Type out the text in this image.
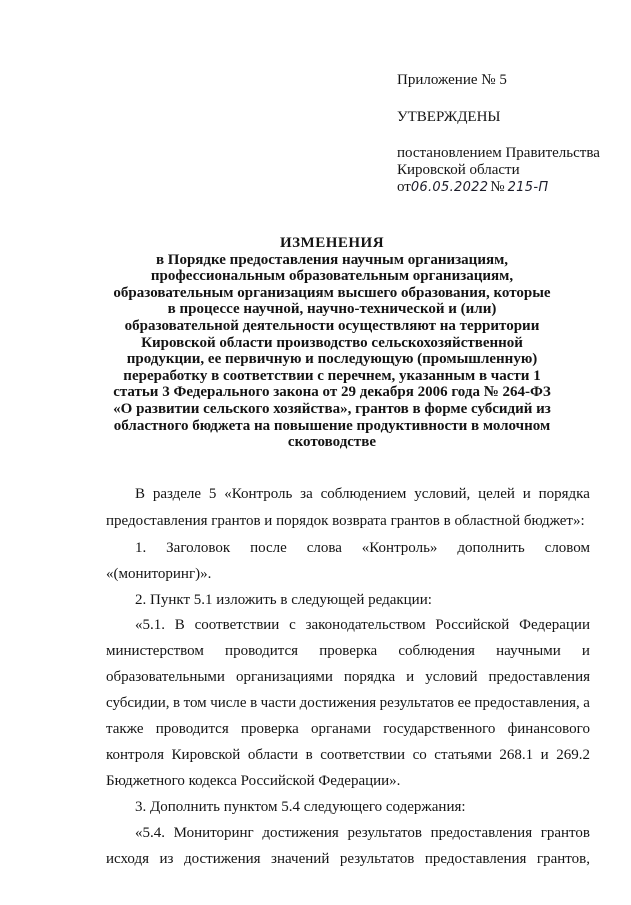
Приложение № 5
УТВЕРЖДЕНЫ
постановлением Правительства
Кировской области
от06.05.2022 № 215-П
ИЗМЕНЕНИЯ
в Порядке предоставления научным организациям,
профессиональным образовательным организациям,
образовательным организациям высшего образования, которые
в процессе научной, научно-технической и (или)
образовательной деятельности осуществляют на территории
Кировской области производство сельскохозяйственной
продукции, ее первичную и последующую (промышленную)
переработку в соответствии с перечнем, указанным в части 1
статьи 3 Федерального закона от 29 декабря 2006 года № 264-ФЗ
«О развитии сельского хозяйства», грантов в форме субсидий из
областного бюджета на повышение продуктивности в молочном
скотоводстве
В разделе 5 «Контроль за соблюдением условий, целей и порядка
предоставления грантов и порядок возврата грантов в областной бюджет»:
1. Заголовок после слова «Контроль» дополнить словом
«(мониторинг)».
2. Пункт 5.1 изложить в следующей редакции:
«5.1. В соответствии с законодательством Российской Федерации
министерством проводится проверка соблюдения научными и
образовательными организациями порядка и условий предоставления
субсидии, в том числе в части достижения результатов ее предоставления, а
также проводится проверка органами государственного финансового
контроля Кировской области в соответствии со статьями 268.1 и 269.2
Бюджетного кодекса Российской Федерации».
3. Дополнить пунктом 5.4 следующего содержания:
«5.4. Мониторинг достижения результатов предоставления грантов
исходя из достижения значений результатов предоставления грантов,
